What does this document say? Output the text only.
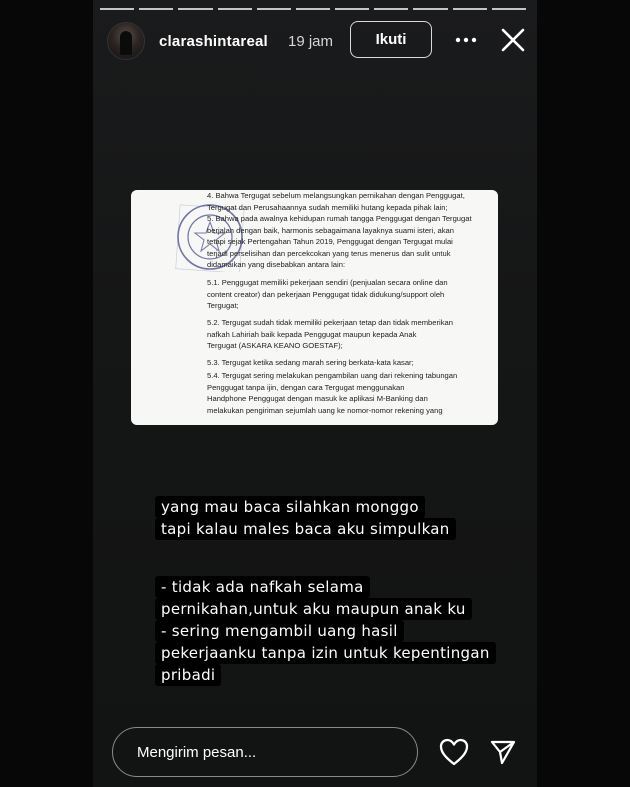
clarashintareal 19 jam	Ikuti
4. Bahwa Tergugat sebelum melangsungkan pernikahan dengan Penggugat,
Tergugat dan Perusahaannya sudah memiliki hutang kepada pihak lain;
5. Bahwa pada awalnya kehidupan rumah tangga Penggugat dengan Tergugat
berjalan dengan baik, harmonis sebagaimana layaknya suami isteri, akan
tetapi sejak Pertengahan Tahun 2019, Penggugat dengan Tergugat mulai
terjadi perselisihan dan percekcokan yang terus menerus dan sulit untuk
didamaikan yang disebabkan antara lain:
5.1. Penggugat memiliki pekerjaan sendiri (penjualan secara online dan
content creator) dan pekerjaan Penggugat tidak didukung/support oleh
Tergugat;
5.2. Tergugat sudah tidak memiliki pekerjaan tetap dan tidak memberikan
nafkah Lahiriah baik kepada Penggugat maupun kepada Anak
Tergugat (ASKARA KEANO GOESTAF);
5.3. Tergugat ketika sedang marah sering berkata-kata kasar;
5.4. Tergugat sering melakukan pengambilan uang dari rekening tabungan
Penggugat tanpa ijin, dengan cara Tergugat menggunakan
Handphone Penggugat dengan masuk ke aplikasi M-Banking dan
melakukan pengiriman sejumlah uang ke nomor-nomor rekening yang
yang mau baca silahkan monggo
tapi kalau males baca aku simpulkan
- tidak ada nafkah selama
pernikahan,untuk aku maupun anak ku
- sering mengambil uang hasil
pekerjaanku tanpa izin untuk kepentingan
pribadi
Mengirim pesan...
